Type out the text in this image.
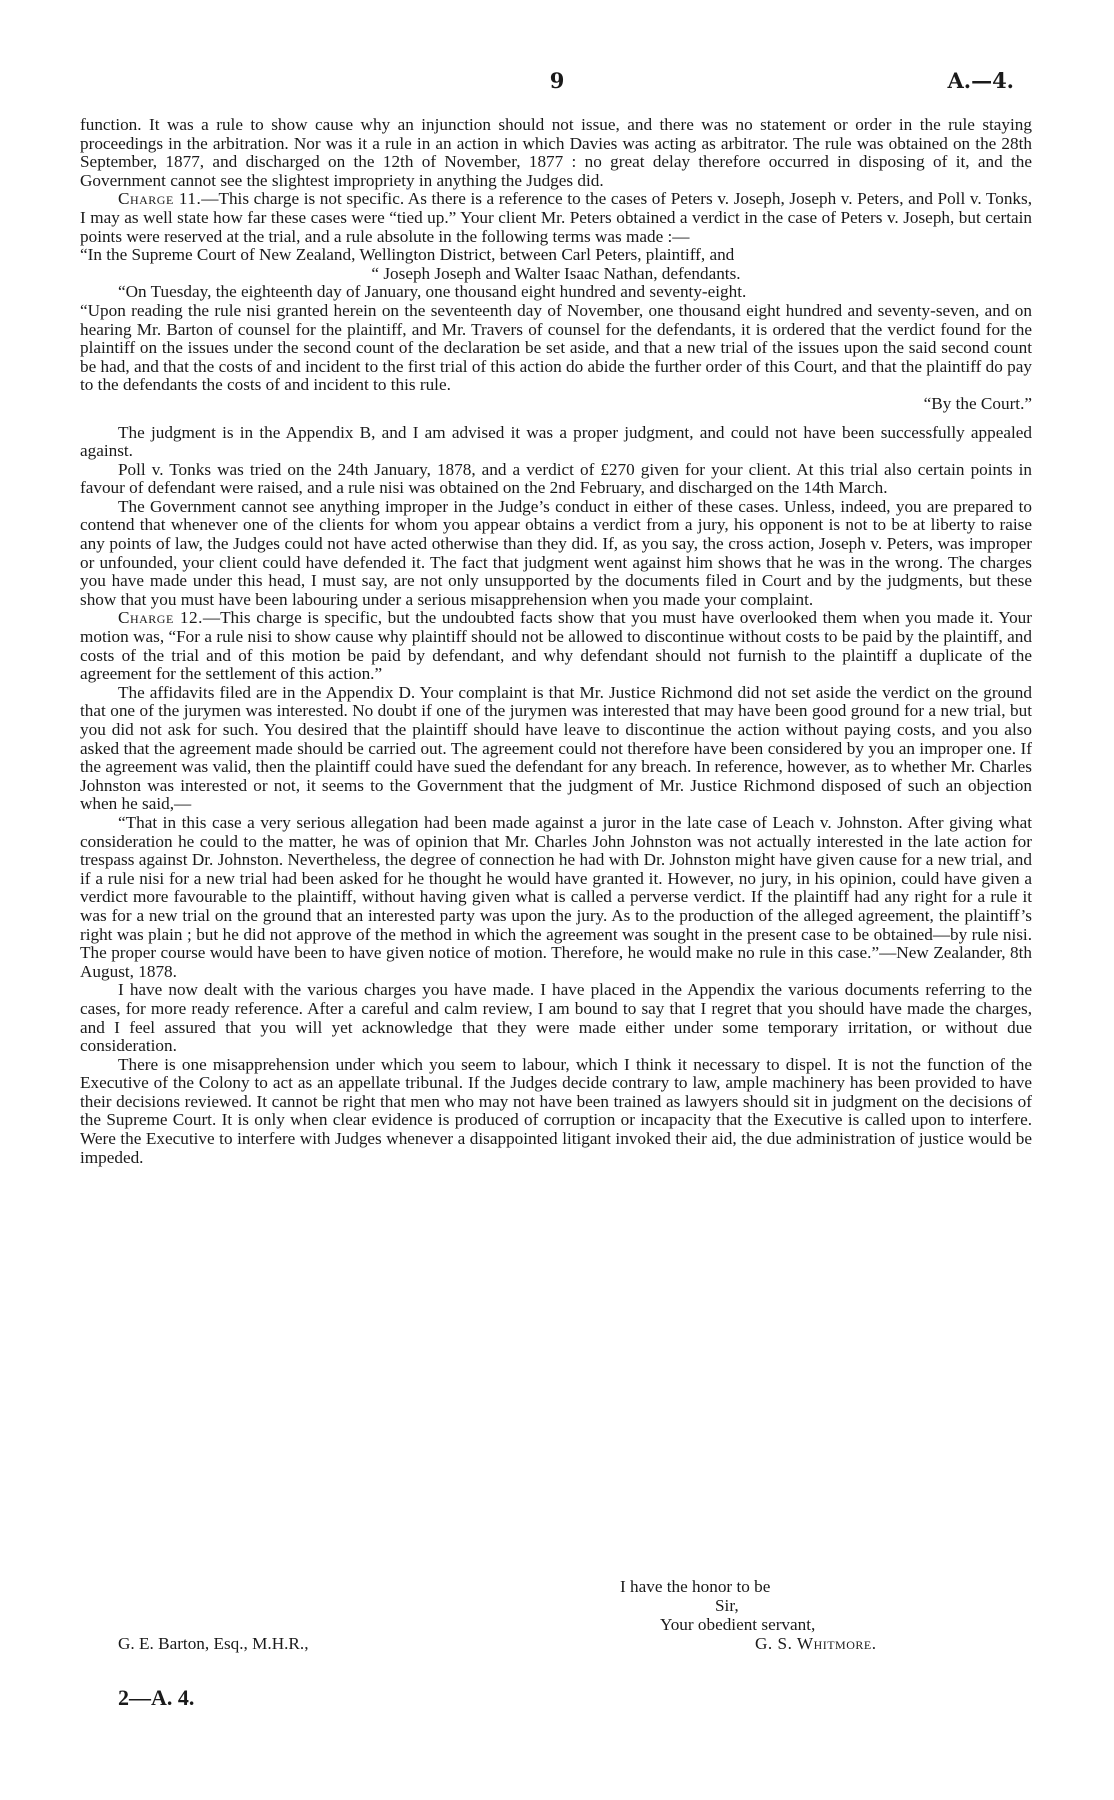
9	A.—4.

function. It was a rule to show cause why an injunction should not issue, and there was no statement or order in the rule staying proceedings in the arbitration. Nor was it a rule in an action in which Davies was acting as arbitrator. The rule was obtained on the 28th September, 1877, and discharged on the 12th of November, 1877 : no great delay therefore occurred in disposing of it, and the Government cannot see the slightest impropriety in anything the Judges did.

Charge 11.—This charge is not specific. As there is a reference to the cases of Peters v. Joseph, Joseph v. Peters, and Poll v. Tonks, I may as well state how far these cases were “tied up.” Your client Mr. Peters obtained a verdict in the case of Peters v. Joseph, but certain points were reserved at the trial, and a rule absolute in the following terms was made :—

“In the Supreme Court of New Zealand, Wellington District, between Carl Peters, plaintiff, and

“ Joseph Joseph and Walter Isaac Nathan, defendants.

“On Tuesday, the eighteenth day of January, one thousand eight hundred and seventy-eight.

“Upon reading the rule nisi granted herein on the seventeenth day of November, one thousand eight hundred and seventy-seven, and on hearing Mr. Barton of counsel for the plaintiff, and Mr. Travers of counsel for the defendants, it is ordered that the verdict found for the plaintiff on the issues under the second count of the declaration be set aside, and that a new trial of the issues upon the said second count be had, and that the costs of and incident to the first trial of this action do abide the further order of this Court, and that the plaintiff do pay to the defendants the costs of and incident to this rule.

“By the Court.”

The judgment is in the Appendix B, and I am advised it was a proper judgment, and could not have been successfully appealed against.

Poll v. Tonks was tried on the 24th January, 1878, and a verdict of £270 given for your client. At this trial also certain points in favour of defendant were raised, and a rule nisi was obtained on the 2nd February, and discharged on the 14th March.

The Government cannot see anything improper in the Judge’s conduct in either of these cases. Unless, indeed, you are prepared to contend that whenever one of the clients for whom you appear obtains a verdict from a jury, his opponent is not to be at liberty to raise any points of law, the Judges could not have acted otherwise than they did. If, as you say, the cross action, Joseph v. Peters, was improper or unfounded, your client could have defended it. The fact that judgment went against him shows that he was in the wrong. The charges you have made under this head, I must say, are not only unsupported by the documents filed in Court and by the judgments, but these show that you must have been labouring under a serious misapprehension when you made your complaint.

Charge 12.—This charge is specific, but the undoubted facts show that you must have overlooked them when you made it. Your motion was, “For a rule nisi to show cause why plaintiff should not be allowed to discontinue without costs to be paid by the plaintiff, and costs of the trial and of this motion be paid by defendant, and why defendant should not furnish to the plaintiff a duplicate of the agreement for the settlement of this action.”

The affidavits filed are in the Appendix D. Your complaint is that Mr. Justice Richmond did not set aside the verdict on the ground that one of the jurymen was interested. No doubt if one of the jurymen was interested that may have been good ground for a new trial, but you did not ask for such. You desired that the plaintiff should have leave to discontinue the action without paying costs, and you also asked that the agreement made should be carried out. The agreement could not therefore have been considered by you an improper one. If the agreement was valid, then the plaintiff could have sued the defendant for any breach. In reference, however, as to whether Mr. Charles Johnston was interested or not, it seems to the Government that the judgment of Mr. Justice Richmond disposed of such an objection when he said,—

“That in this case a very serious allegation had been made against a juror in the late case of Leach v. Johnston. After giving what consideration he could to the matter, he was of opinion that Mr. Charles John Johnston was not actually interested in the late action for trespass against Dr. Johnston. Nevertheless, the degree of connection he had with Dr. Johnston might have given cause for a new trial, and if a rule nisi for a new trial had been asked for he thought he would have granted it. However, no jury, in his opinion, could have given a verdict more favourable to the plaintiff, without having given what is called a perverse verdict. If the plaintiff had any right for a rule it was for a new trial on the ground that an interested party was upon the jury. As to the production of the alleged agreement, the plaintiff’s right was plain ; but he did not approve of the method in which the agreement was sought in the present case to be obtained—by rule nisi. The proper course would have been to have given notice of motion. Therefore, he would make no rule in this case.”—New Zealander, 8th August, 1878.

I have now dealt with the various charges you have made. I have placed in the Appendix the various documents referring to the cases, for more ready reference. After a careful and calm review, I am bound to say that I regret that you should have made the charges, and I feel assured that you will yet acknowledge that they were made either under some temporary irritation, or without due consideration.

There is one misapprehension under which you seem to labour, which I think it necessary to dispel. It is not the function of the Executive of the Colony to act as an appellate tribunal. If the Judges decide contrary to law, ample machinery has been provided to have their decisions reviewed. It cannot be right that men who may not have been trained as lawyers should sit in judgment on the decisions of the Supreme Court. It is only when clear evidence is produced of corruption or incapacity that the Executive is called upon to interfere. Were the Executive to interfere with Judges whenever a disappointed litigant invoked their aid, the due administration of justice would be impeded.

I have the honor to be
Sir,
Your obedient servant,
G. S. Whitmore.
G. E. Barton, Esq., M.H.R.,
2—A. 4.
